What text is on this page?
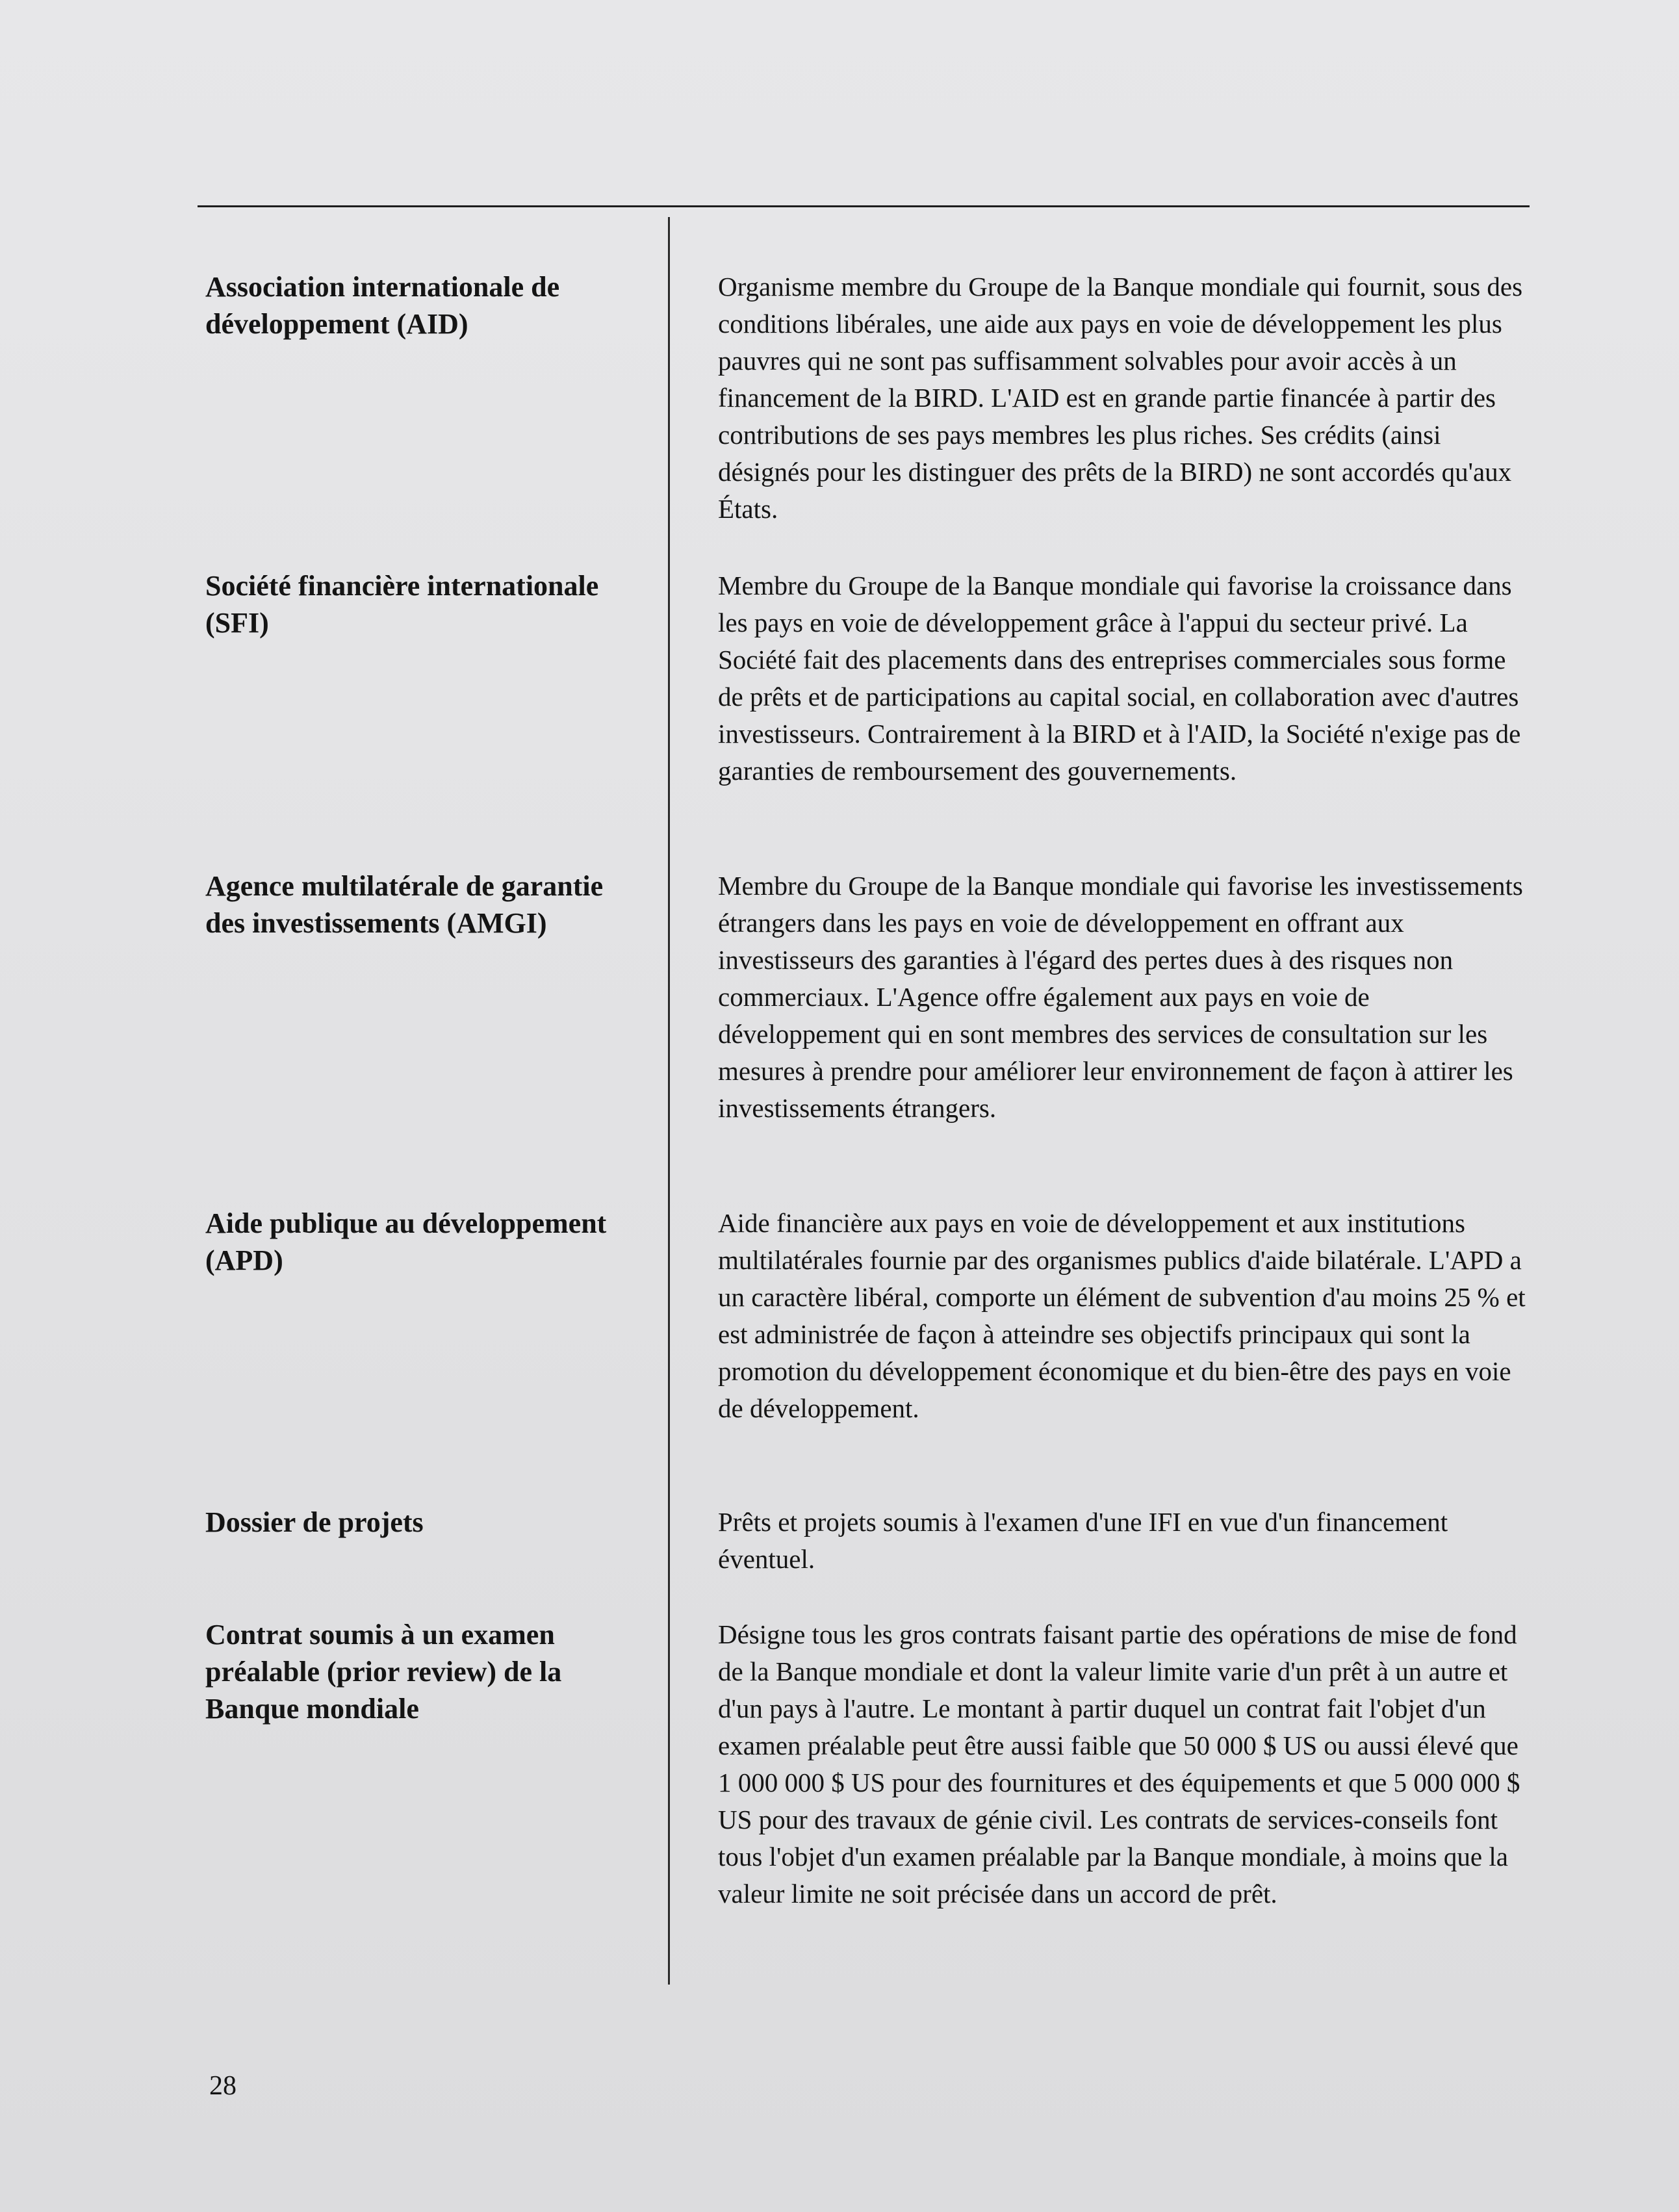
Association internationale de développement (AID)
Organisme membre du Groupe de la Banque mondiale qui fournit, sous des conditions libérales, une aide aux pays en voie de développement les plus pauvres qui ne sont pas suffisamment solvables pour avoir accès à un financement de la BIRD. L'AID est en grande partie financée à partir des contributions de ses pays membres les plus riches. Ses crédits (ainsi désignés pour les distinguer des prêts de la BIRD) ne sont accordés qu'aux États.
Société financière internationale (SFI)
Membre du Groupe de la Banque mondiale qui favorise la croissance dans les pays en voie de développement grâce à l'appui du secteur privé. La Société fait des placements dans des entreprises commerciales sous forme de prêts et de participations au capital social, en collaboration avec d'autres investisseurs. Contrairement à la BIRD et à l'AID, la Société n'exige pas de garanties de remboursement des gouvernements.
Agence multilatérale de garantie des investissements (AMGI)
Membre du Groupe de la Banque mondiale qui favorise les investissements étrangers dans les pays en voie de développement en offrant aux investisseurs des garanties à l'égard des pertes dues à des risques non commerciaux. L'Agence offre également aux pays en voie de développement qui en sont membres des services de consultation sur les mesures à prendre pour améliorer leur environnement de façon à attirer les investissements étrangers.
Aide publique au développement (APD)
Aide financière aux pays en voie de développement et aux institutions multilatérales fournie par des organismes publics d'aide bilatérale. L'APD a un caractère libéral, comporte un élément de subvention d'au moins 25 % et est administrée de façon à atteindre ses objectifs principaux qui sont la promotion du développement économique et du bien-être des pays en voie de développement.
Dossier de projets	Prêts et projets soumis à l'examen d'une IFI en vue d'un financement éventuel.
Contrat soumis à un examen préalable (prior review) de la Banque mondiale
Désigne tous les gros contrats faisant partie des opérations de mise de fond de la Banque mondiale et dont la valeur limite varie d'un prêt à un autre et d'un pays à l'autre. Le montant à partir duquel un contrat fait l'objet d'un examen préalable peut être aussi faible que 50 000 $ US ou aussi élevé que 1 000 000 $ US pour des fournitures et des équipements et que 5 000 000 $ US pour des travaux de génie civil. Les contrats de services-conseils font tous l'objet d'un examen préalable par la Banque mondiale, à moins que la valeur limite ne soit précisée dans un accord de prêt.
28
